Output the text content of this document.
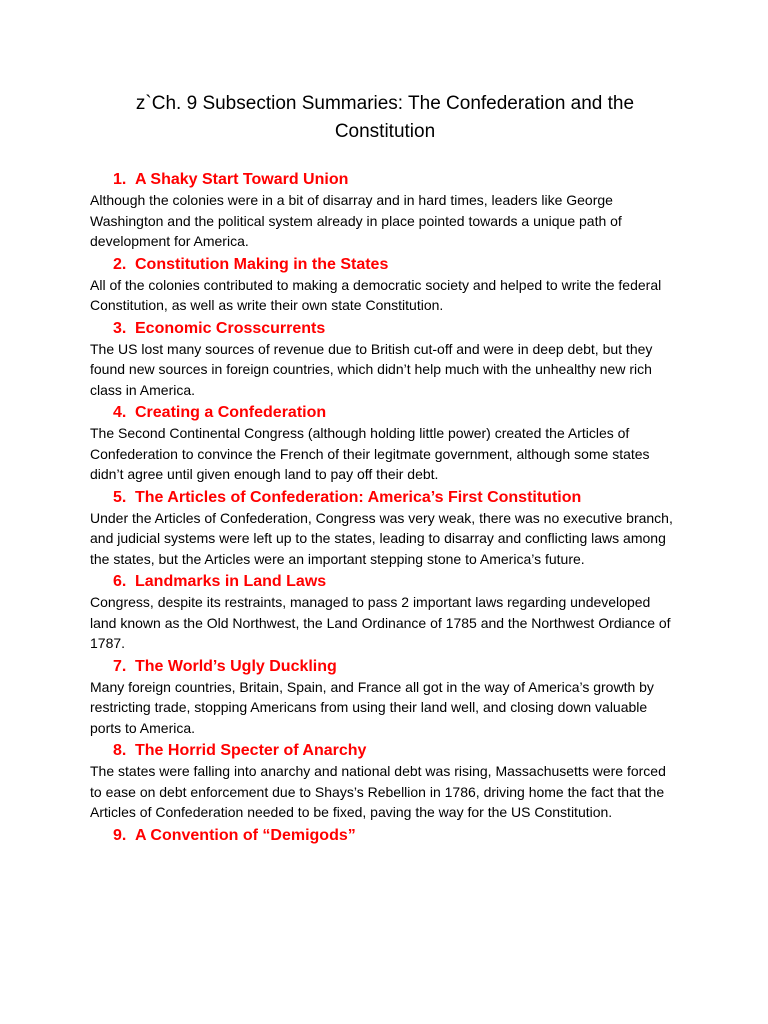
z`Ch. 9 Subsection Summaries: The Confederation and the Constitution
1. A Shaky Start Toward Union

Although the colonies were in a bit of disarray and in hard times, leaders like George Washington and the political system already in place pointed towards a unique path of development for America.

2. Constitution Making in the States

All of the colonies contributed to making a democratic society and helped to write the federal Constitution, as well as write their own state Constitution.

3. Economic Crosscurrents

The US lost many sources of revenue due to British cut-off and were in deep debt, but they found new sources in foreign countries, which didn’t help much with the unhealthy new rich class in America.

4. Creating a Confederation

The Second Continental Congress (although holding little power) created the Articles of Confederation to convince the French of their legitmate government, although some states didn’t agree until given enough land to pay off their debt.

5. The Articles of Confederation: America’s First Constitution

Under the Articles of Confederation, Congress was very weak, there was no executive branch, and judicial systems were left up to the states, leading to disarray and conflicting laws among the states, but the Articles were an important stepping stone to America’s future.

6. Landmarks in Land Laws

Congress, despite its restraints, managed to pass 2 important laws regarding undeveloped land known as the Old Northwest, the Land Ordinance of 1785 and the Northwest Ordiance of 1787.

7. The World’s Ugly Duckling

Many foreign countries, Britain, Spain, and France all got in the way of America’s growth by restricting trade, stopping Americans from using their land well, and closing down valuable ports to America.

8. The Horrid Specter of Anarchy

The states were falling into anarchy and national debt was rising, Massachusetts were forced to ease on debt enforcement due to Shays’s Rebellion in 1786, driving home the fact that the Articles of Confederation needed to be fixed, paving the way for the US Constitution.

9. A Convention of “Demigods”
